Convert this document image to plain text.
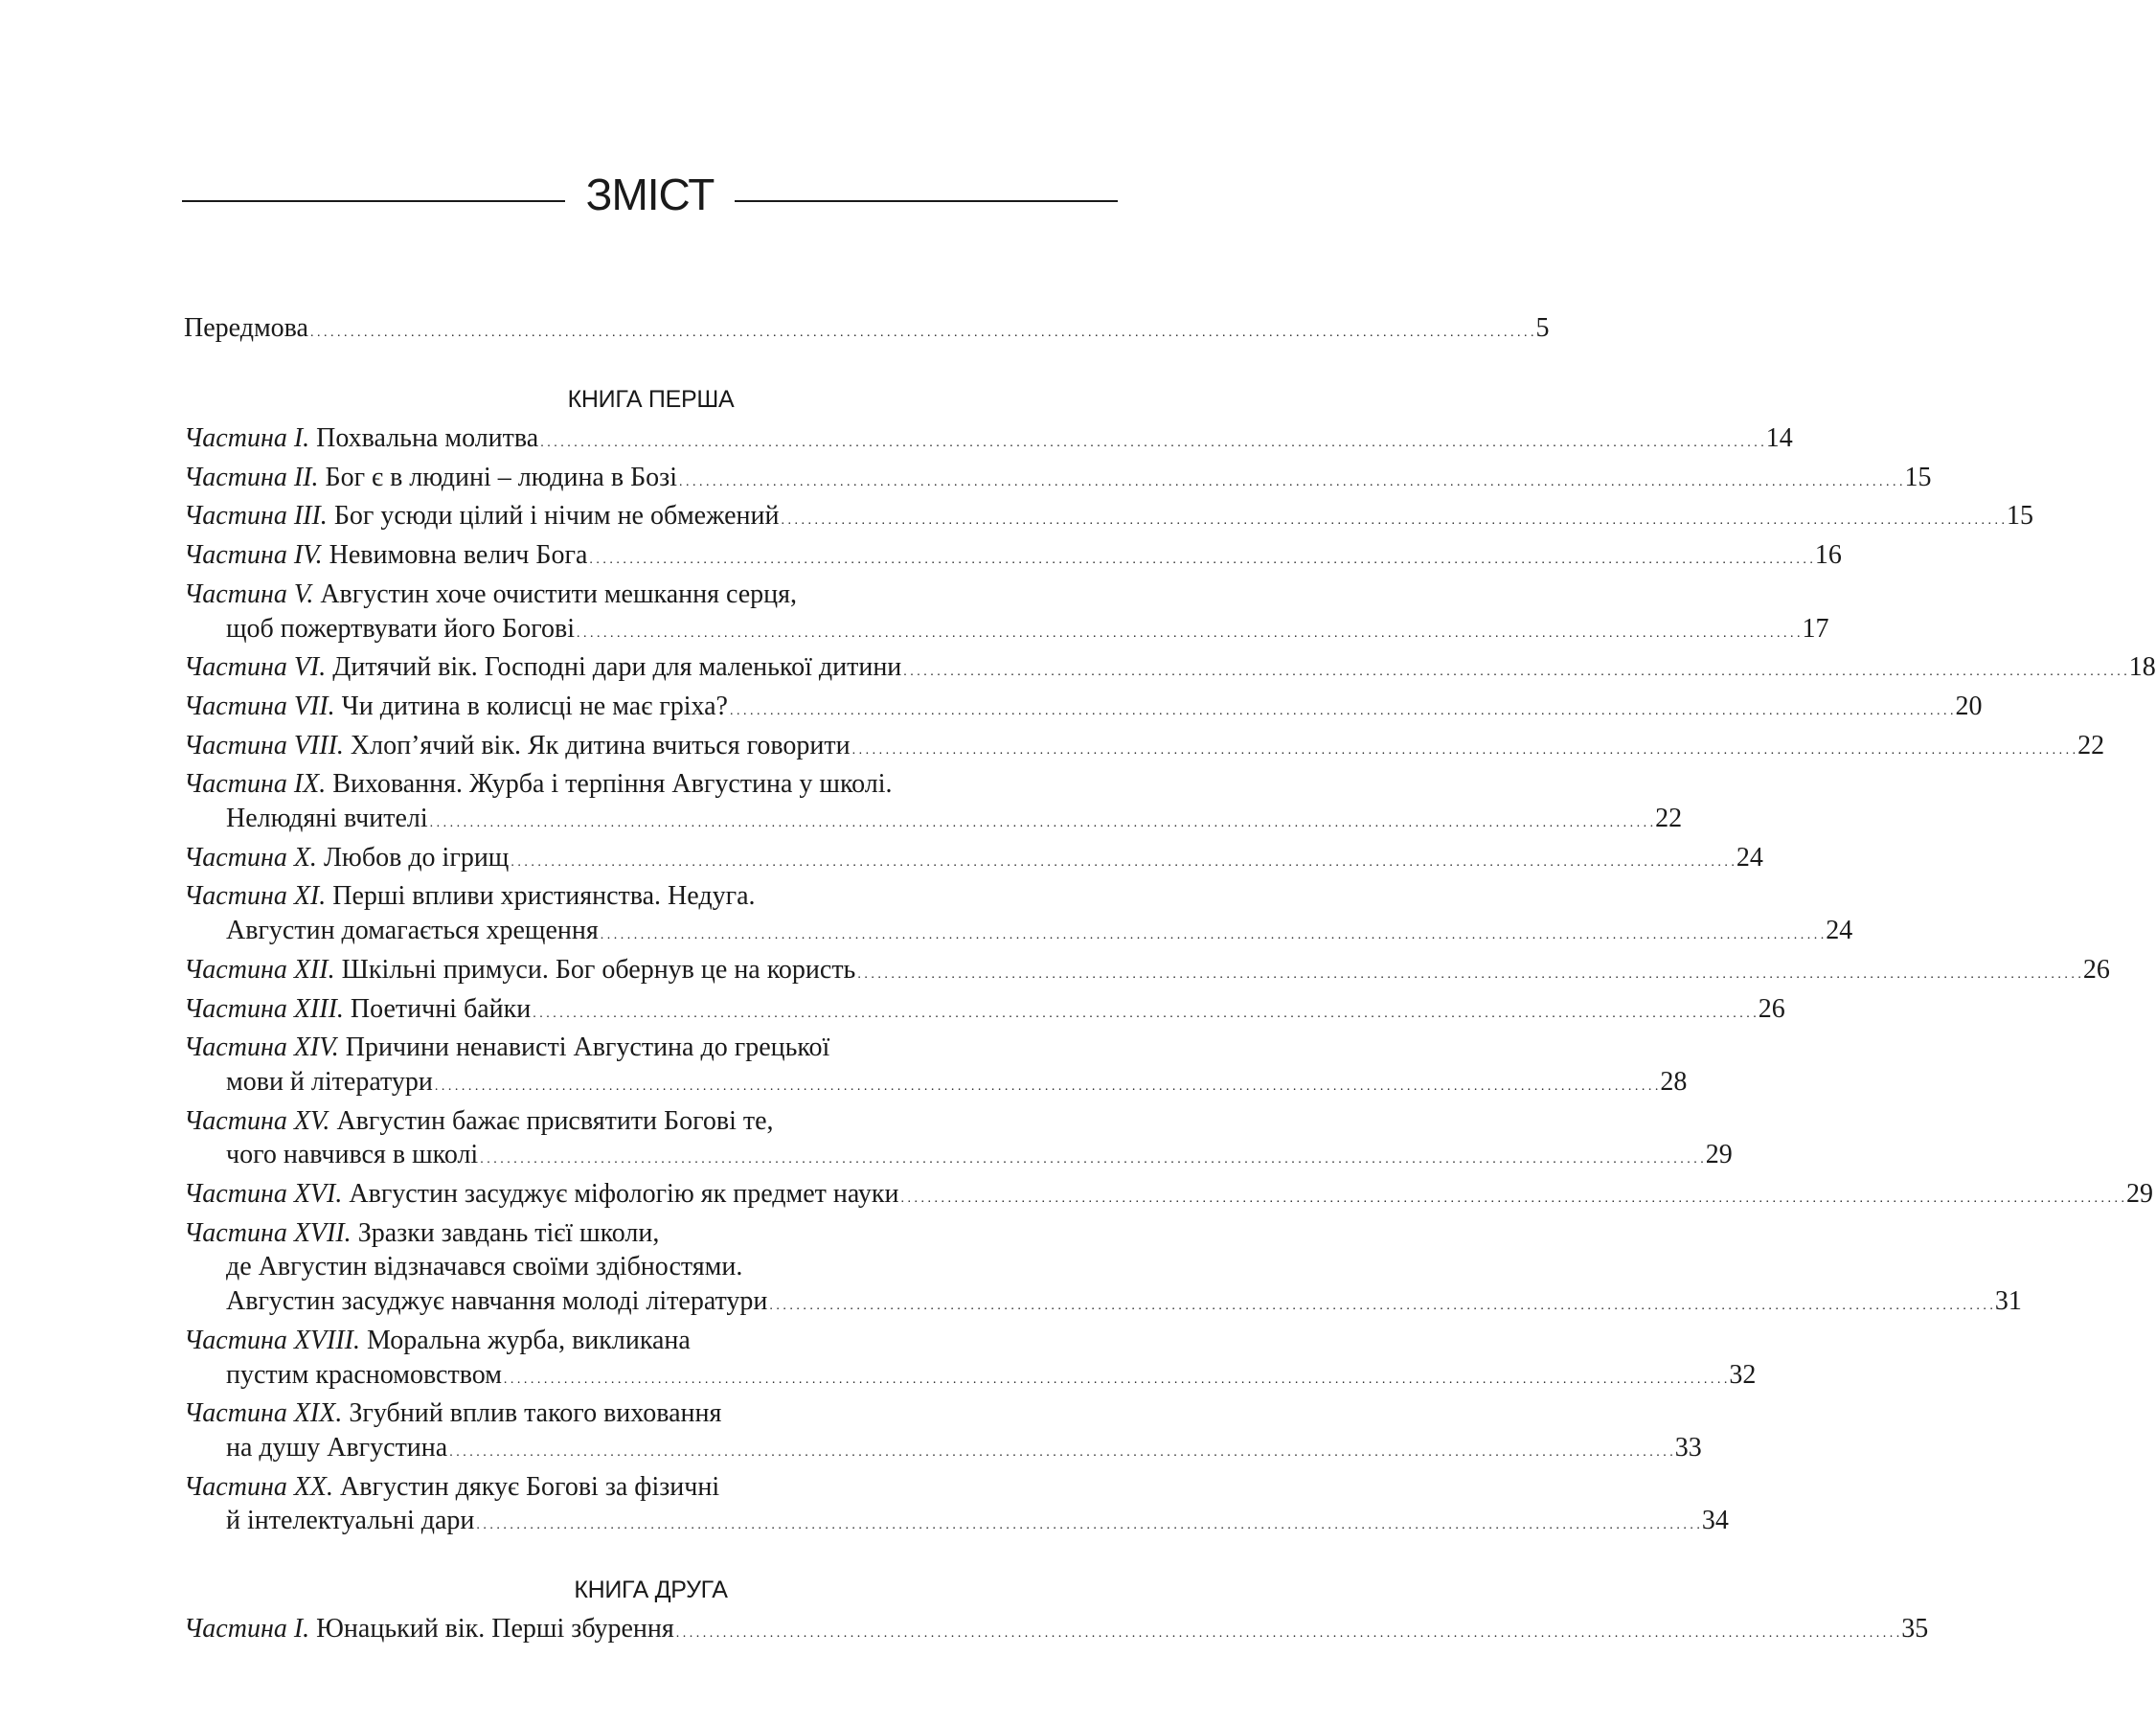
ЗМІСТ
Передмова . . .	5
КНИГА ПЕРША
Частина I. Похвальна молитва . . .	14
Частина II. Бог є в людині – людина в Бозі . . .	15
Частина III. Бог усюди цілий і нічим не обмежений . . .	15
Частина IV. Невимовна велич Бога . . .	16
Частина V. Августин хоче очистити мешкання серця,
щоб пожертвувати його Богові . . .	17
Частина VI. Дитячий вік. Господні дари для маленької дитини . . .	18
Частина VII. Чи дитина в колисці не має гріха? . . .	20
Частина VIII. Хлоп’ячий вік. Як дитина вчиться говорити . . .	22
Частина IX. Виховання. Журба і терпіння Августина у школі.
Нелюдяні вчителі . . .	22
Частина X. Любов до ігрищ . . .	24
Частина XI. Перші впливи християнства. Недуга.
Августин домагається хрещення . . .	24
Частина XII. Шкільні примуси. Бог обернув це на користь . . .	26
Частина XIII. Поетичні байки . . .	26
Частина XIV. Причини ненависті Августина до грецької
мови й літератури . . .	28
Частина XV. Августин бажає присвятити Богові те,
чого навчився в школі . . .	29
Частина XVI. Августин засуджує міфологію як предмет науки . . .	29
Частина XVII. Зразки завдань тієї школи,
де Августин відзначався своїми здібностями.
Августин засуджує навчання молоді літератури . . .	31
Частина XVIII. Моральна журба, викликана
пустим красномовством . . .	32
Частина XIX. Згубний вплив такого виховання
на душу Августина . . .	33
Частина XX. Августин дякує Богові за фізичні
й інтелектуальні дари . . .	34
КНИГА ДРУГА
Частина I. Юнацький вік. Перші збурення . . .	35
